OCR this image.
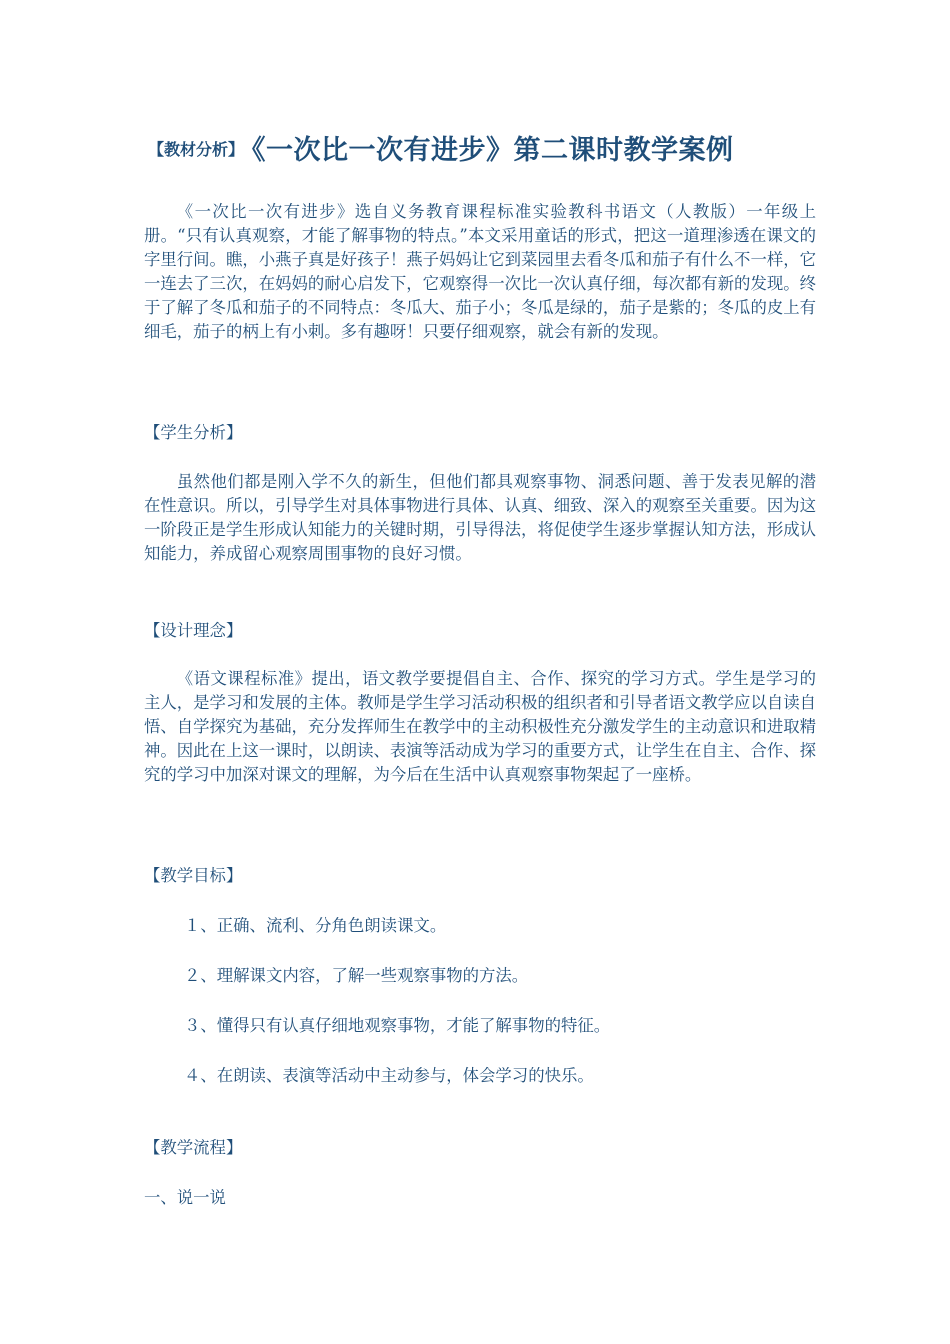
【教材分析】 《一次比一次有进步》第二课时教学案例

《一次比一次有进步》选自义务教育课程标准实验教科书语文（人教版）一年级上册。“只有认真观察，才能了解事物的特点。”本文采用童话的形式，把这一道理渗透在课文的字里行间。瞧，小燕子真是好孩子！燕子妈妈让它到菜园里去看冬瓜和茄子有什么不一样，它一连去了三次，在妈妈的耐心启发下，它观察得一次比一次认真仔细，每次都有新的发现。终于了解了冬瓜和茄子的不同特点：冬瓜大、茄子小；冬瓜是绿的，茄子是紫的；冬瓜的皮上有细毛，茄子的柄上有小刺。多有趣呀！只要仔细观察，就会有新的发现。

【学生分析】

虽然他们都是刚入学不久的新生，但他们都具观察事物、洞悉问题、善于发表见解的潜在性意识。所以，引导学生对具体事物进行具体、认真、细致、深入的观察至关重要。因为这一阶段正是学生形成认知能力的关键时期，引导得法，将促使学生逐步掌握认知方法，形成认知能力，养成留心观察周围事物的良好习惯。

【设计理念】

《语文课程标准》提出，语文教学要提倡自主、合作、探究的学习方式。学生是学习的主人，是学习和发展的主体。教师是学生学习活动积极的组织者和引导者语文教学应以自读自悟、自学探究为基础，充分发挥师生在教学中的主动积极性充分激发学生的主动意识和进取精神。因此在上这一课时，以朗读、表演等活动成为学习的重要方式，让学生在自主、合作、探究的学习中加深对课文的理解，为今后在生活中认真观察事物架起了一座桥。

【教学目标】

１、正确、流利、分角色朗读课文。

２、理解课文内容，了解一些观察事物的方法。

３、懂得只有认真仔细地观察事物，才能了解事物的特征。

４、在朗读、表演等活动中主动参与，体会学习的快乐。

【教学流程】

一、说一说
